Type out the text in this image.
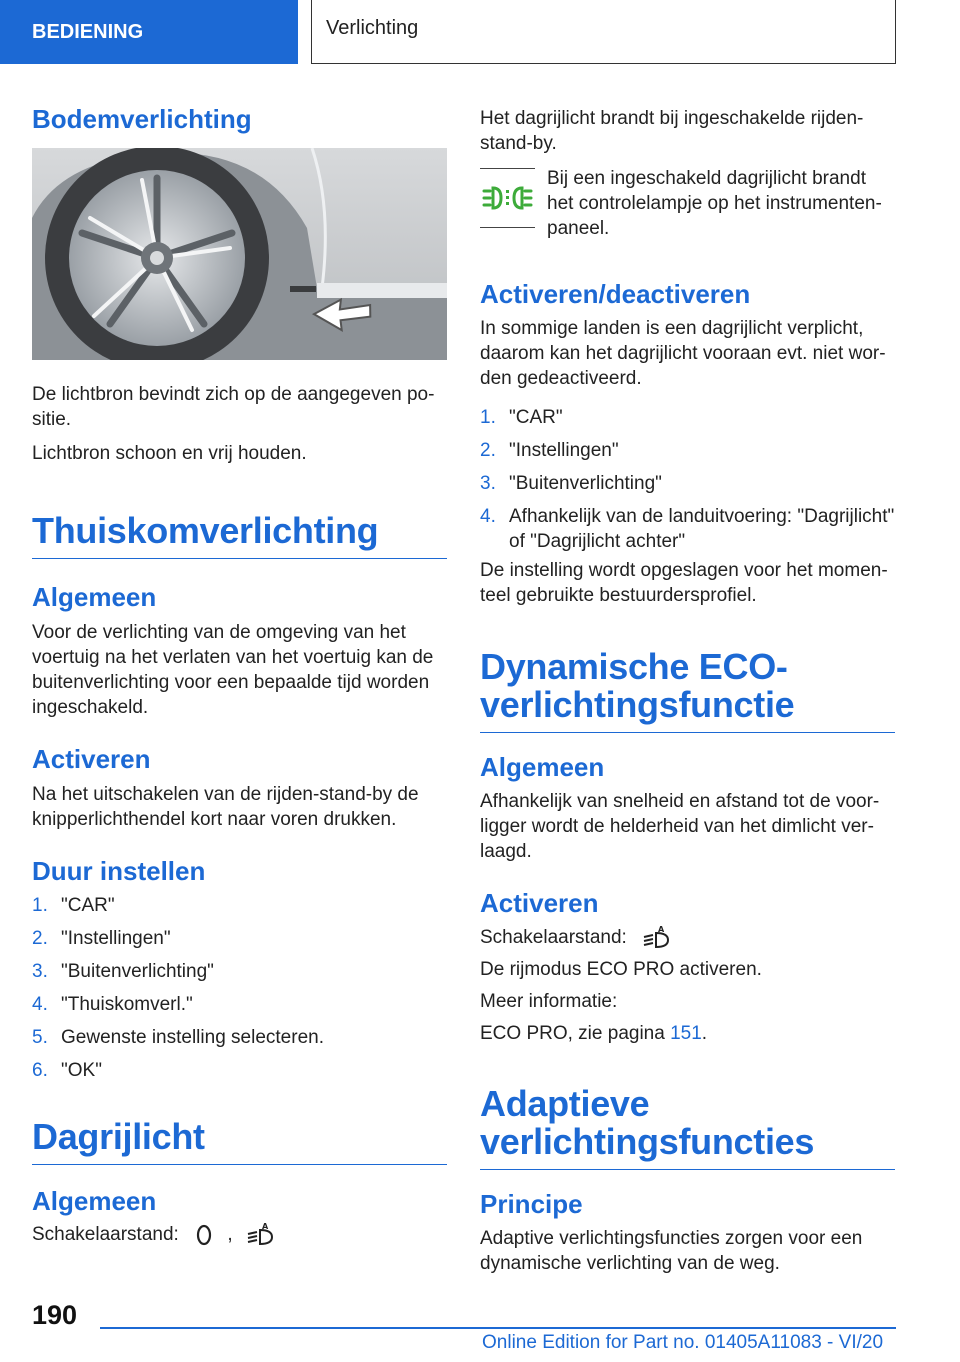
BEDIENING	Verlichting
Bodemverlichting

De lichtbron bevindt zich op de aangegeven po-sitie.

Lichtbron schoon en vrij houden.

Thuiskomverlichting
Algemeen

Voor de verlichting van de omgeving van het voertuig na het verlaten van het voertuig kan de buitenverlichting voor een bepaalde tijd worden ingeschakeld.

Activeren

Na het uitschakelen van de rijden-stand-by de knipperlichthendel kort naar voren drukken.

Duur instellen
1. "CAR"
2. "Instellingen"
3. "Buitenverlichting"
4. "Thuiskomverl."
5. Gewenste instelling selecteren.
6. "OK"
Dagrijlicht
Algemeen

Schakelaarstand:	,	A

Het dagrijlicht brandt bij ingeschakelde rijden-stand-by.

Bij een ingeschakeld dagrijlicht brandt het controlelampje op het instrumenten-paneel.

Activeren/deactiveren

In sommige landen is een dagrijlicht verplicht, daarom kan het dagrijlicht vooraan evt. niet wor-den gedeactiveerd.

1. "CAR"
2. "Instellingen"
3. "Buitenverlichting"
4. Afhankelijk van de landuitvoering: "Dagrijlicht" of "Dagrijlicht achter"

De instelling wordt opgeslagen voor het momen-teel gebruikte bestuurdersprofiel.

Dynamische ECO-verlichtingsfunctie
Algemeen

Afhankelijk van snelheid en afstand tot de voor-ligger wordt de helderheid van het dimlicht ver-laagd.

Activeren

Schakelaarstand:	A

De rijmodus ECO PRO activeren.

Meer informatie:

ECO PRO, zie pagina 151.

Adaptieve verlichtingsfuncties
Principe

Adaptive verlichtingsfuncties zorgen voor een dynamische verlichting van de weg.

190
Online Edition for Part no. 01405A11083 - VI/20
